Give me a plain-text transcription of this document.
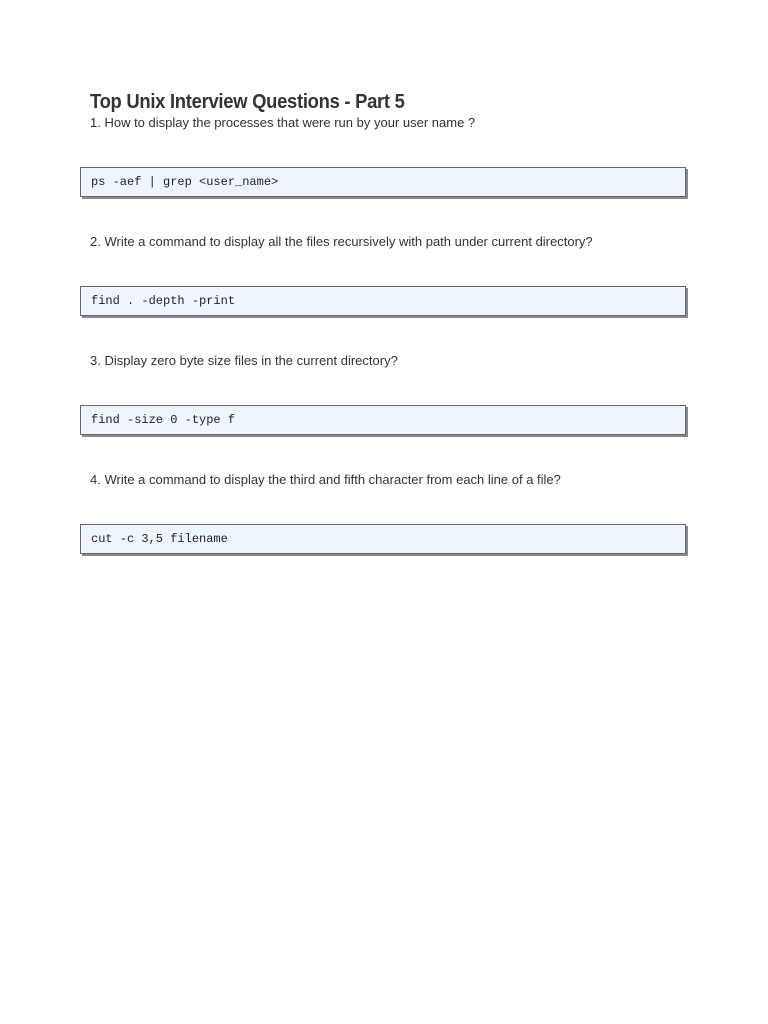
Top Unix Interview Questions - Part 5

1. How to display the processes that were run by your user name ?

ps -aef | grep <user_name>

2. Write a command to display all the files recursively with path under current directory?

find . -depth -print

3. Display zero byte size files in the current directory?

find -size 0 -type f

4. Write a command to display the third and fifth character from each line of a file?

cut -c 3,5 filename
